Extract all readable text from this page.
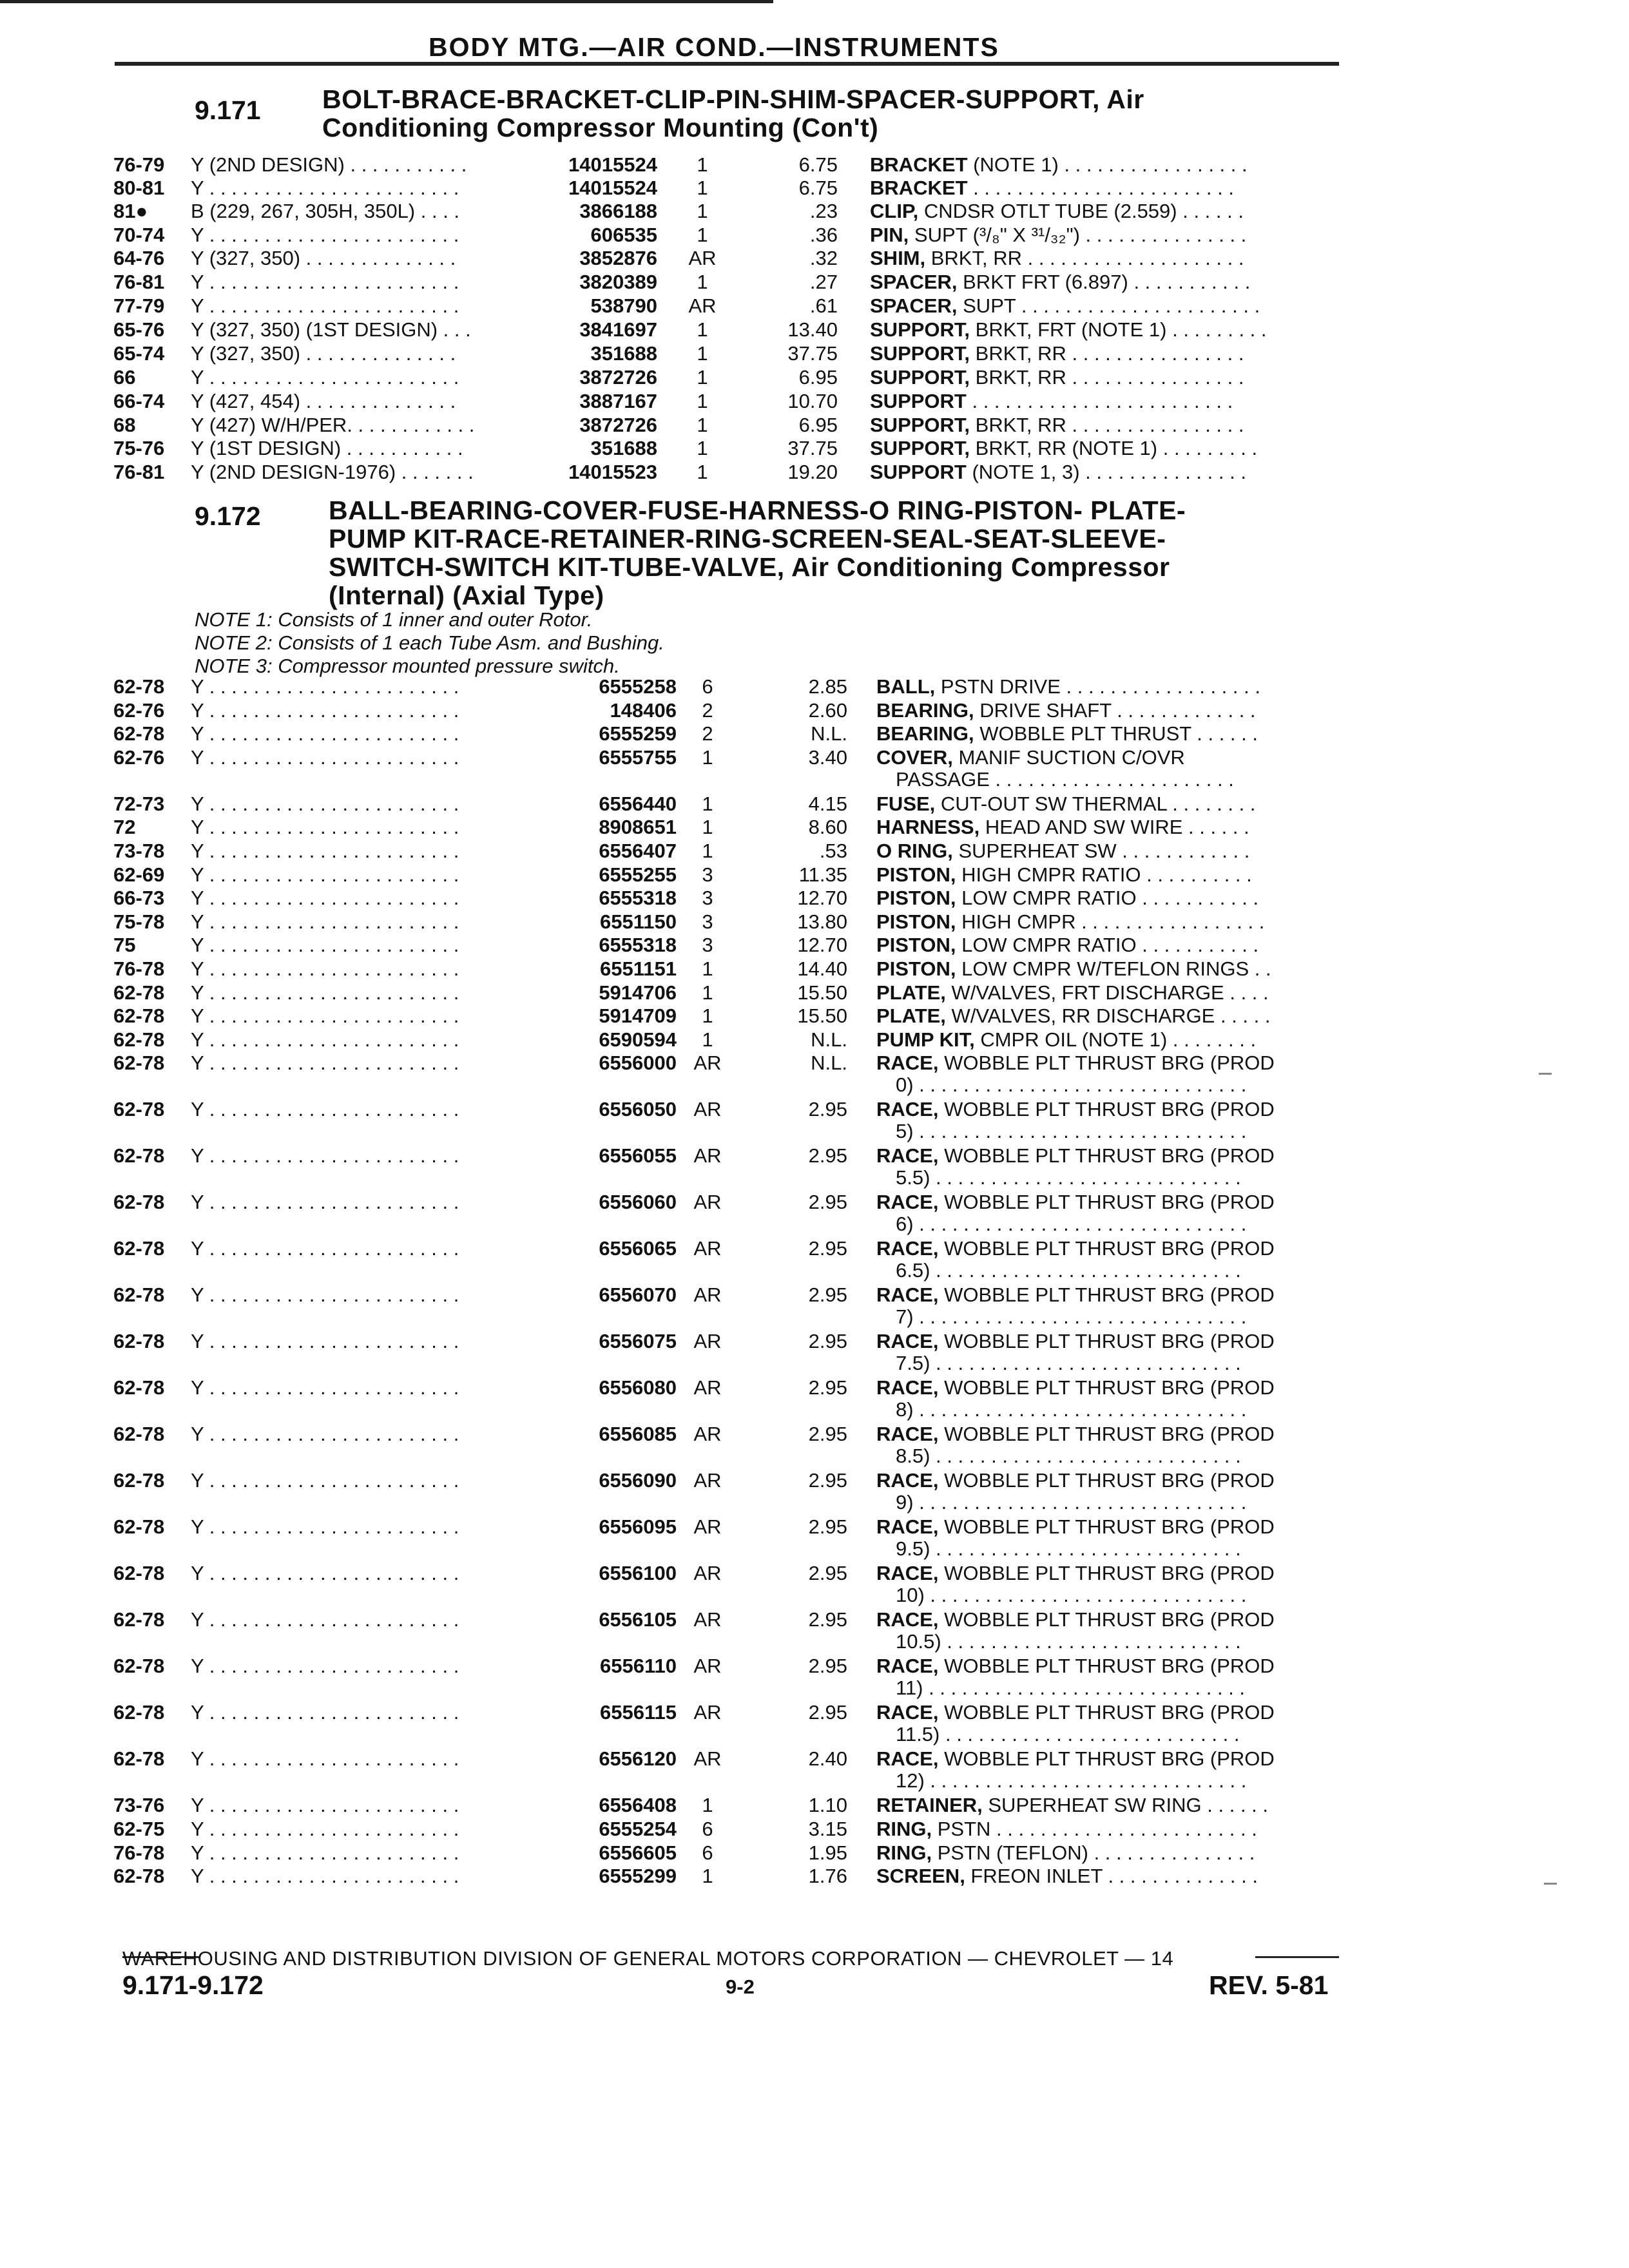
BODY MTG.—AIR COND.—INSTRUMENTS
9.171 BOLT-BRACE-BRACKET-CLIP-PIN-SHIM-SPACER-SUPPORT, Air
Conditioning Compressor Mounting (Con't)
76-79 Y (2ND DESIGN) . . . . . . . . . . .	14015524	1	6.75 BRACKET (NOTE 1) . . . . . . . . . . . . . . . . .
80-81 Y . . . . . . . . . . . . . . . . . . . . . . .	14015524	1	6.75 BRACKET . . . . . . . . . . . . . . . . . . . . . . . .
81● B (229, 267, 305H, 350L) . . . .	3866188	1	.23 CLIP, CNDSR OTLT TUBE (2.559) . . . . . .
70-74 Y . . . . . . . . . . . . . . . . . . . . . . .	606535	1	.36 PIN, SUPT (³/₈" X ³¹/₃₂") . . . . . . . . . . . . . . .
64-76 Y (327, 350) . . . . . . . . . . . . . .	3852876 AR	.32 SHIM, BRKT, RR . . . . . . . . . . . . . . . . . . . .
76-81 Y . . . . . . . . . . . . . . . . . . . . . . .	3820389	1	.27 SPACER, BRKT FRT (6.897) . . . . . . . . . . .
77-79 Y . . . . . . . . . . . . . . . . . . . . . . .	538790 AR	.61 SPACER, SUPT . . . . . . . . . . . . . . . . . . . . . .
65-76 Y (327, 350) (1ST DESIGN) . . .	3841697	1	13.40 SUPPORT, BRKT, FRT (NOTE 1) . . . . . . . . .
65-74 Y (327, 350) . . . . . . . . . . . . . .	351688	1	37.75 SUPPORT, BRKT, RR . . . . . . . . . . . . . . . .
66	Y . . . . . . . . . . . . . . . . . . . . . . .	3872726	1	6.95 SUPPORT, BRKT, RR . . . . . . . . . . . . . . . .
66-74 Y (427, 454) . . . . . . . . . . . . . .	3887167	1	10.70 SUPPORT . . . . . . . . . . . . . . . . . . . . . . . .
68	Y (427) W/H/PER. . . . . . . . . . . .	3872726	1	6.95 SUPPORT, BRKT, RR . . . . . . . . . . . . . . . .
75-76 Y (1ST DESIGN) . . . . . . . . . . .	351688	1	37.75 SUPPORT, BRKT, RR (NOTE 1) . . . . . . . . .
76-81 Y (2ND DESIGN-1976) . . . . . . .	14015523	1	19.20 SUPPORT (NOTE 1, 3) . . . . . . . . . . . . . . .
9.172	BALL-BEARING-COVER-FUSE-HARNESS-O RING-PISTON- PLATE-
PUMP KIT-RACE-RETAINER-RING-SCREEN-SEAL-SEAT-SLEEVE-
SWITCH-SWITCH KIT-TUBE-VALVE, Air Conditioning Compressor
(Internal) (Axial Type)
NOTE 1: Consists of 1 inner and outer Rotor.
NOTE 2: Consists of 1 each Tube Asm. and Bushing.
NOTE 3: Compressor mounted pressure switch.
62-78 Y . . . . . . . . . . . . . . . . . . . . . . .	6555258	6	2.85 BALL, PSTN DRIVE . . . . . . . . . . . . . . . . . .
62-76 Y . . . . . . . . . . . . . . . . . . . . . . .	148406	2	2.60 BEARING, DRIVE SHAFT . . . . . . . . . . . . .
62-78 Y . . . . . . . . . . . . . . . . . . . . . . .	6555259	2	N.L. BEARING, WOBBLE PLT THRUST . . . . . .
62-76 Y . . . . . . . . . . . . . . . . . . . . . . .	6555755	1	3.40 COVER, MANIF SUCTION C/OVR
PASSAGE . . . . . . . . . . . . . . . . . . . . . .
72-73 Y . . . . . . . . . . . . . . . . . . . . . . .	6556440	1	4.15 FUSE, CUT-OUT SW THERMAL . . . . . . . .
72	Y . . . . . . . . . . . . . . . . . . . . . . .	8908651	1	8.60 HARNESS, HEAD AND SW WIRE . . . . . .
73-78 Y . . . . . . . . . . . . . . . . . . . . . . .	6556407	1	.53 O RING, SUPERHEAT SW . . . . . . . . . . . .
62-69 Y . . . . . . . . . . . . . . . . . . . . . . .	6555255	3	11.35 PISTON, HIGH CMPR RATIO . . . . . . . . . .
66-73 Y . . . . . . . . . . . . . . . . . . . . . . .	6555318	3	12.70 PISTON, LOW CMPR RATIO . . . . . . . . . . .
75-78 Y . . . . . . . . . . . . . . . . . . . . . . .	6551150	3	13.80 PISTON, HIGH CMPR . . . . . . . . . . . . . . . . .
75	Y . . . . . . . . . . . . . . . . . . . . . . .	6555318	3	12.70 PISTON, LOW CMPR RATIO . . . . . . . . . . .
76-78 Y . . . . . . . . . . . . . . . . . . . . . . .	6551151	1	14.40 PISTON, LOW CMPR W/TEFLON RINGS . .
62-78 Y . . . . . . . . . . . . . . . . . . . . . . .	5914706	1	15.50 PLATE, W/VALVES, FRT DISCHARGE . . . .
62-78 Y . . . . . . . . . . . . . . . . . . . . . . .	5914709	1	15.50 PLATE, W/VALVES, RR DISCHARGE . . . . .
62-78 Y . . . . . . . . . . . . . . . . . . . . . . .	6590594	1	N.L. PUMP KIT, CMPR OIL (NOTE 1) . . . . . . . .
62-78 Y . . . . . . . . . . . . . . . . . . . . . . .	6556000 AR	N.L. RACE, WOBBLE PLT THRUST BRG (PROD
0) . . . . . . . . . . . . . . . . . . . . . . . . . . . . . .
62-78 Y . . . . . . . . . . . . . . . . . . . . . . .	6556050 AR	2.95 RACE, WOBBLE PLT THRUST BRG (PROD
5) . . . . . . . . . . . . . . . . . . . . . . . . . . . . . .
62-78 Y . . . . . . . . . . . . . . . . . . . . . . .	6556055 AR	2.95 RACE, WOBBLE PLT THRUST BRG (PROD
5.5) . . . . . . . . . . . . . . . . . . . . . . . . . . . .
62-78 Y . . . . . . . . . . . . . . . . . . . . . . .	6556060 AR	2.95 RACE, WOBBLE PLT THRUST BRG (PROD
6) . . . . . . . . . . . . . . . . . . . . . . . . . . . . . .
62-78 Y . . . . . . . . . . . . . . . . . . . . . . .	6556065 AR	2.95 RACE, WOBBLE PLT THRUST BRG (PROD
6.5) . . . . . . . . . . . . . . . . . . . . . . . . . . . .
62-78 Y . . . . . . . . . . . . . . . . . . . . . . .	6556070 AR	2.95 RACE, WOBBLE PLT THRUST BRG (PROD
7) . . . . . . . . . . . . . . . . . . . . . . . . . . . . . .
62-78 Y . . . . . . . . . . . . . . . . . . . . . . .	6556075 AR	2.95 RACE, WOBBLE PLT THRUST BRG (PROD
7.5) . . . . . . . . . . . . . . . . . . . . . . . . . . . .
62-78 Y . . . . . . . . . . . . . . . . . . . . . . .	6556080 AR	2.95 RACE, WOBBLE PLT THRUST BRG (PROD
8) . . . . . . . . . . . . . . . . . . . . . . . . . . . . . .
62-78 Y . . . . . . . . . . . . . . . . . . . . . . .	6556085 AR	2.95 RACE, WOBBLE PLT THRUST BRG (PROD
8.5) . . . . . . . . . . . . . . . . . . . . . . . . . . . .
62-78 Y . . . . . . . . . . . . . . . . . . . . . . .	6556090 AR	2.95 RACE, WOBBLE PLT THRUST BRG (PROD
9) . . . . . . . . . . . . . . . . . . . . . . . . . . . . . .
62-78 Y . . . . . . . . . . . . . . . . . . . . . . .	6556095 AR	2.95 RACE, WOBBLE PLT THRUST BRG (PROD
9.5) . . . . . . . . . . . . . . . . . . . . . . . . . . . .
62-78 Y . . . . . . . . . . . . . . . . . . . . . . .	6556100 AR	2.95 RACE, WOBBLE PLT THRUST BRG (PROD
10) . . . . . . . . . . . . . . . . . . . . . . . . . . . . .
62-78 Y . . . . . . . . . . . . . . . . . . . . . . .	6556105 AR	2.95 RACE, WOBBLE PLT THRUST BRG (PROD
10.5) . . . . . . . . . . . . . . . . . . . . . . . . . . .
62-78 Y . . . . . . . . . . . . . . . . . . . . . . .	6556110 AR	2.95 RACE, WOBBLE PLT THRUST BRG (PROD
11) . . . . . . . . . . . . . . . . . . . . . . . . . . . . .
62-78 Y . . . . . . . . . . . . . . . . . . . . . . .	6556115 AR	2.95 RACE, WOBBLE PLT THRUST BRG (PROD
11.5) . . . . . . . . . . . . . . . . . . . . . . . . . . .
62-78 Y . . . . . . . . . . . . . . . . . . . . . . .	6556120 AR	2.40 RACE, WOBBLE PLT THRUST BRG (PROD
12) . . . . . . . . . . . . . . . . . . . . . . . . . . . . .
73-76 Y . . . . . . . . . . . . . . . . . . . . . . .	6556408	1	1.10 RETAINER, SUPERHEAT SW RING . . . . . .
62-75 Y . . . . . . . . . . . . . . . . . . . . . . .	6555254	6	3.15 RING, PSTN . . . . . . . . . . . . . . . . . . . . . . . .
76-78 Y . . . . . . . . . . . . . . . . . . . . . . .	6556605	6	1.95 RING, PSTN (TEFLON) . . . . . . . . . . . . . . .
62-78 Y . . . . . . . . . . . . . . . . . . . . . . .	6555299	1	1.76 SCREEN, FREON INLET . . . . . . . . . . . . . .
WAREHOUSING AND DISTRIBUTION DIVISION OF GENERAL MOTORS CORPORATION — CHEVROLET — 14
9.171-9.172	9-2	REV. 5-81
